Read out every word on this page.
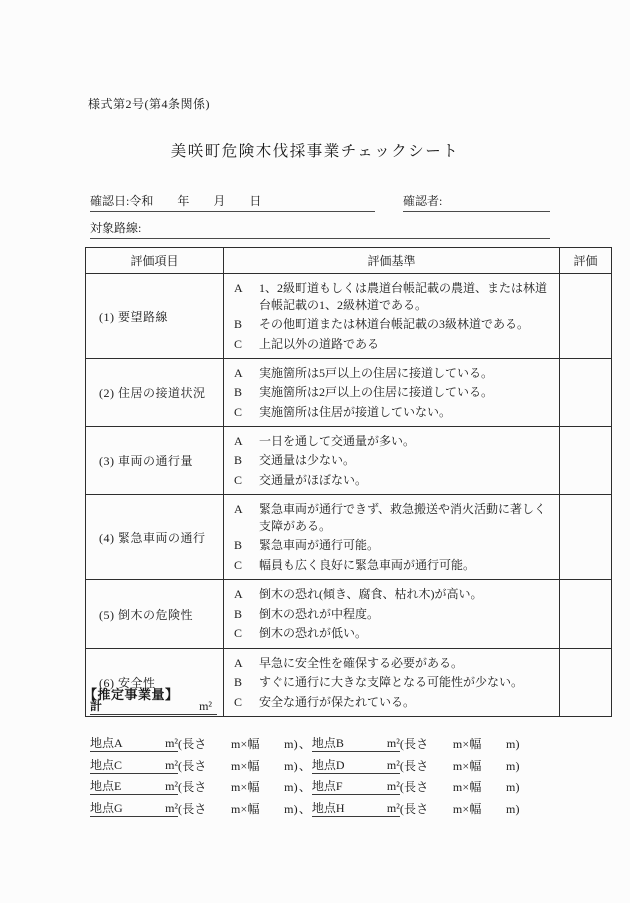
様式第2号(第4条関係)
美咲町危険木伐採事業チェックシート
確認日:令和　　年　　月　　日	確認者:
対象路線:
評価項目	評価基準	評価
(1) 要望路線	
A	1、2級町道もしくは農道台帳記載の農道、または林道台帳記載の1、2級林道である。
B	その他町道または林道台帳記載の3級林道である。
C	上記以外の道路である

(2) 住居の接道状況	
A	実施箇所は5戸以上の住居に接道している。
B	実施箇所は2戸以上の住居に接道している。
C	実施箇所は住居が接道していない。

(3) 車両の通行量	
A	一日を通して交通量が多い。
B	交通量は少ない。
C	交通量がほぼない。

(4) 緊急車両の通行	
A	緊急車両が通行できず、救急搬送や消火活動に著しく支障がある。
B	緊急車両が通行可能。
C	幅員も広く良好に緊急車両が通行可能。

(5) 倒木の危険性	
A	倒木の恐れ(傾き、腐食、枯れ木)が高い。
B	倒木の恐れが中程度。
C	倒木の恐れが低い。

(6) 安全性	
A	早急に安全性を確保する必要がある。
B	すぐに通行に大きな支障となる可能性が少ない。
C	安全な通行が保たれている。

【推定事業量】
計	m²
地点A	m² (長さ　　m×幅　　m) 、 地点B	m² (長さ　　m×幅　　m)
地点C	m² (長さ　　m×幅　　m) 、 地点D	m² (長さ　　m×幅　　m)
地点E	m² (長さ　　m×幅　　m) 、 地点F	m² (長さ　　m×幅　　m)
地点G	m² (長さ　　m×幅　　m) 、 地点H	m² (長さ　　m×幅　　m)
